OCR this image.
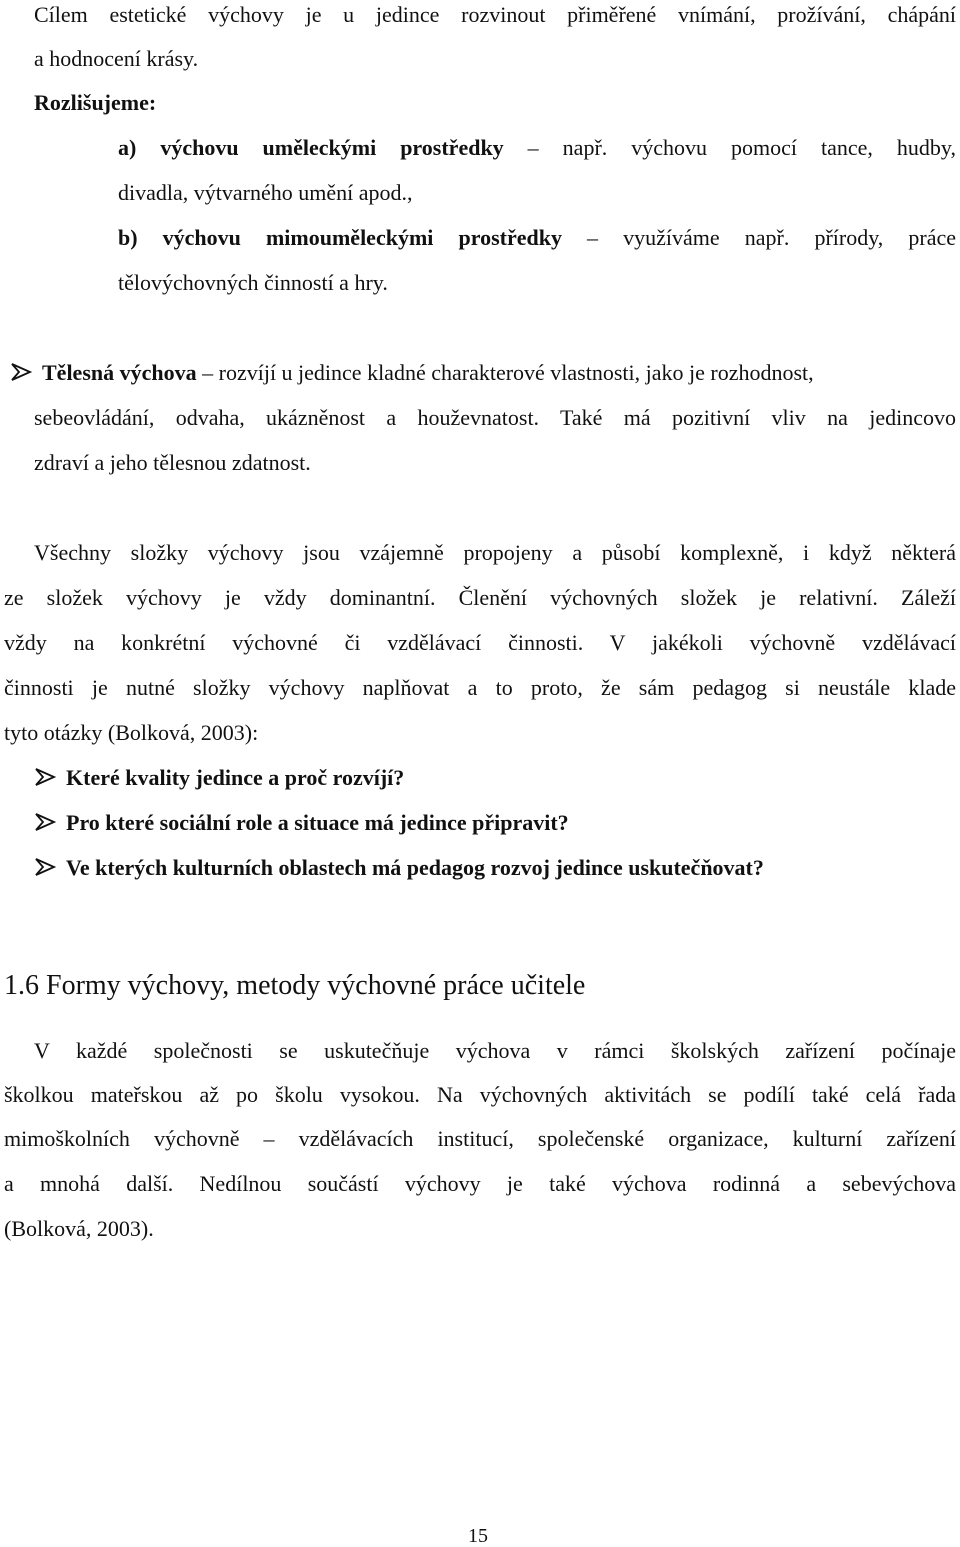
Cílem estetické výchovy je u jedince rozvinout přiměřené vnímání, prožívání, chápání
a hodnocení krásy.
Rozlišujeme:
a) výchovu uměleckými prostředky – např. výchovu pomocí tance, hudby,
divadla, výtvarného umění apod.,
b) výchovu mimouměleckými prostředky – využíváme např. přírody, práce
tělovýchovných činností a hry.
Tělesná výchova – rozvíjí u jedince kladné charakterové vlastnosti, jako je rozhodnost,
sebeovládání, odvaha, ukázněnost a houževnatost. Také má pozitivní vliv na jedincovo
zdraví a jeho tělesnou zdatnost.
Všechny složky výchovy jsou vzájemně propojeny a působí komplexně, i když některá
ze složek výchovy je vždy dominantní. Členění výchovných složek je relativní. Záleží
vždy na konkrétní výchovné či vzdělávací činnosti. V jakékoli výchovně vzdělávací
činnosti je nutné složky výchovy naplňovat a to proto, že sám pedagog si neustále klade
tyto otázky (Bolková, 2003):
Které kvality jedince a proč rozvíjí?
Pro které sociální role a situace má jedince připravit?
Ve kterých kulturních oblastech má pedagog rozvoj jedince uskutečňovat?
1.6 Formy výchovy, metody výchovné práce učitele
V každé společnosti se uskutečňuje výchova v rámci školských zařízení počínaje
školkou mateřskou až po školu vysokou. Na výchovných aktivitách se podílí také celá řada
mimoškolních výchovně – vzdělávacích institucí, společenské organizace, kulturní zařízení
a mnohá další. Nedílnou součástí výchovy je také výchova rodinná a sebevýchova
(Bolková, 2003).
15
